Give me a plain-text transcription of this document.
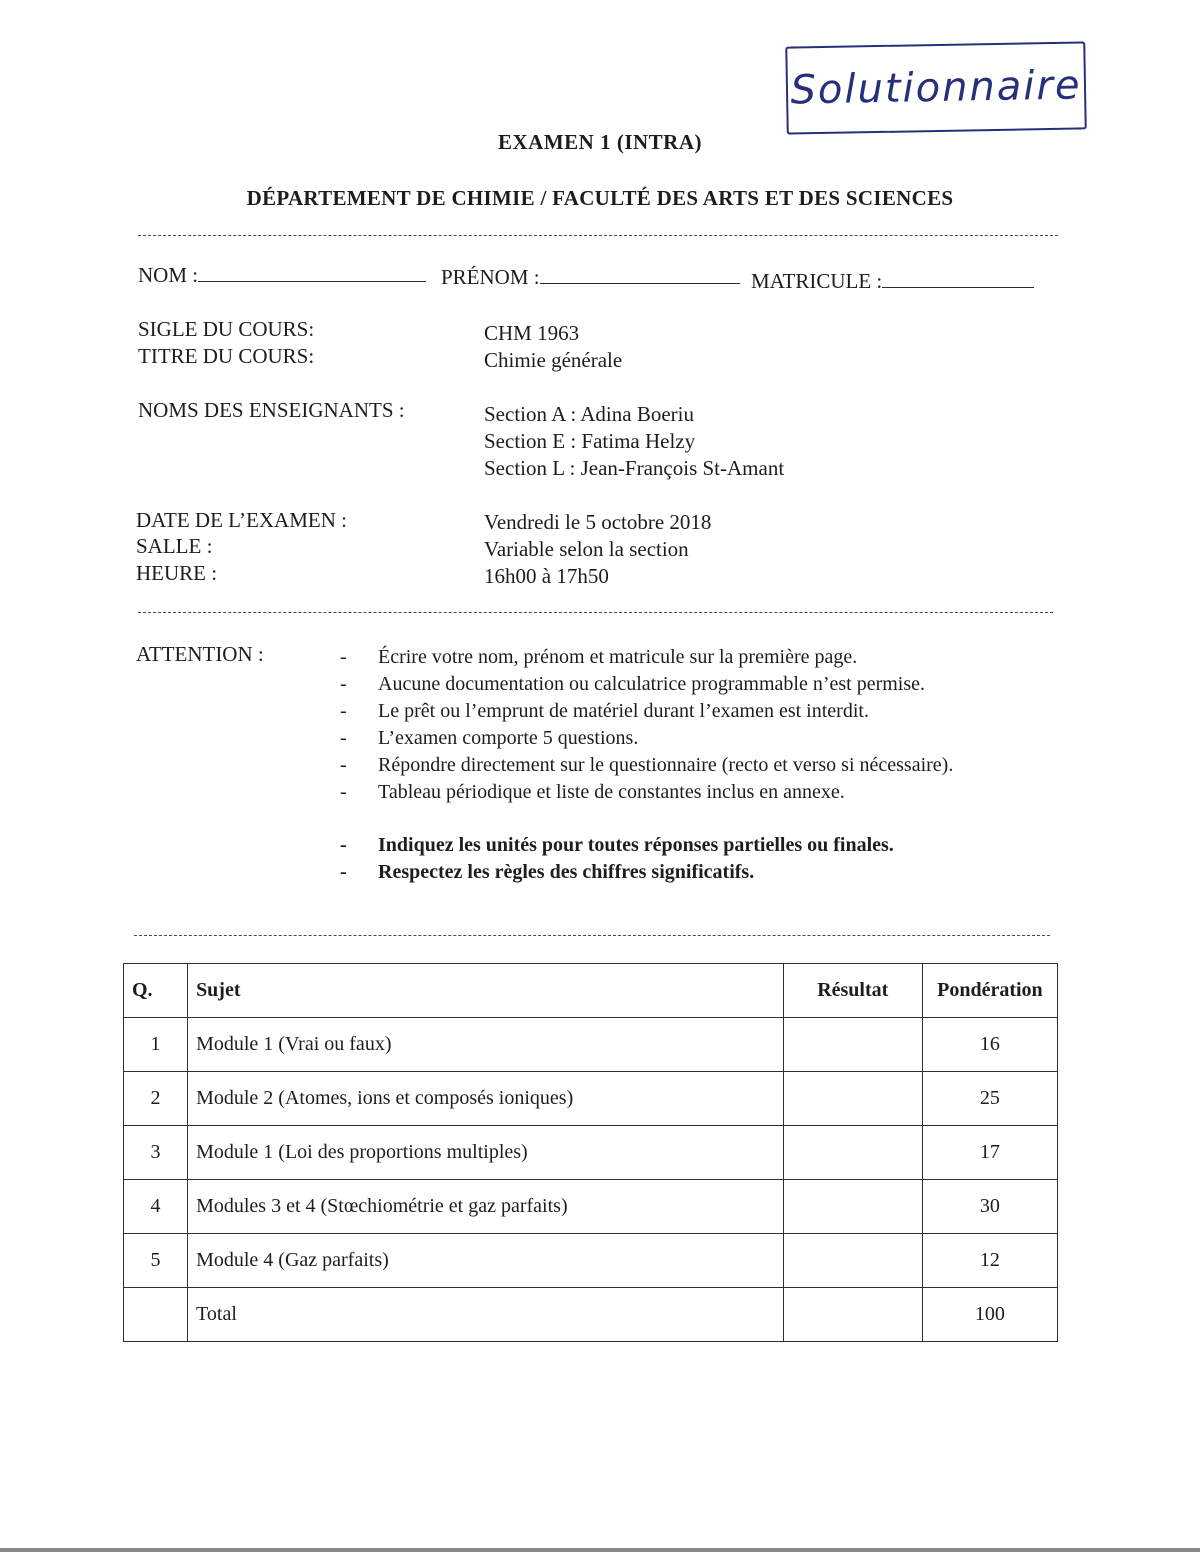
Solutionnaire
EXAMEN 1 (INTRA)
DÉPARTEMENT DE CHIMIE / FACULTÉ DES ARTS ET DES SCIENCES
NOM :	PRÉNOM :	MATRICULE :
SIGLE DU COURS:	CHM 1963
TITRE DU COURS:	Chimie générale
NOMS DES ENSEIGNANTS :	Section A : Adina Boeriu
Section E : Fatima Helzy
Section L : Jean-François St-Amant
DATE DE L’EXAMEN :	Vendredi le 5 octobre 2018
SALLE :	Variable selon la section
HEURE :	16h00 à 17h50
ATTENTION :	-	Écrire votre nom, prénom et matricule sur la première page.
-	Aucune documentation ou calculatrice programmable n’est permise.
-	Le prêt ou l’emprunt de matériel durant l’examen est interdit.
-	L’examen comporte 5 questions.
-	Répondre directement sur le questionnaire (recto et verso si nécessaire).
-	Tableau périodique et liste de constantes inclus en annexe.
-	Indiquez les unités pour toutes réponses partielles ou finales.
-	Respectez les règles des chiffres significatifs.
Q.	Sujet	Résultat	Pondération
1	Module 1 (Vrai ou faux)		16
2	Module 2 (Atomes, ions et composés ioniques)		25
3	Module 1 (Loi des proportions multiples)		17
4	Modules 3 et 4 (Stœchiométrie et gaz parfaits)		30
5	Module 4 (Gaz parfaits)		12
	Total		100
